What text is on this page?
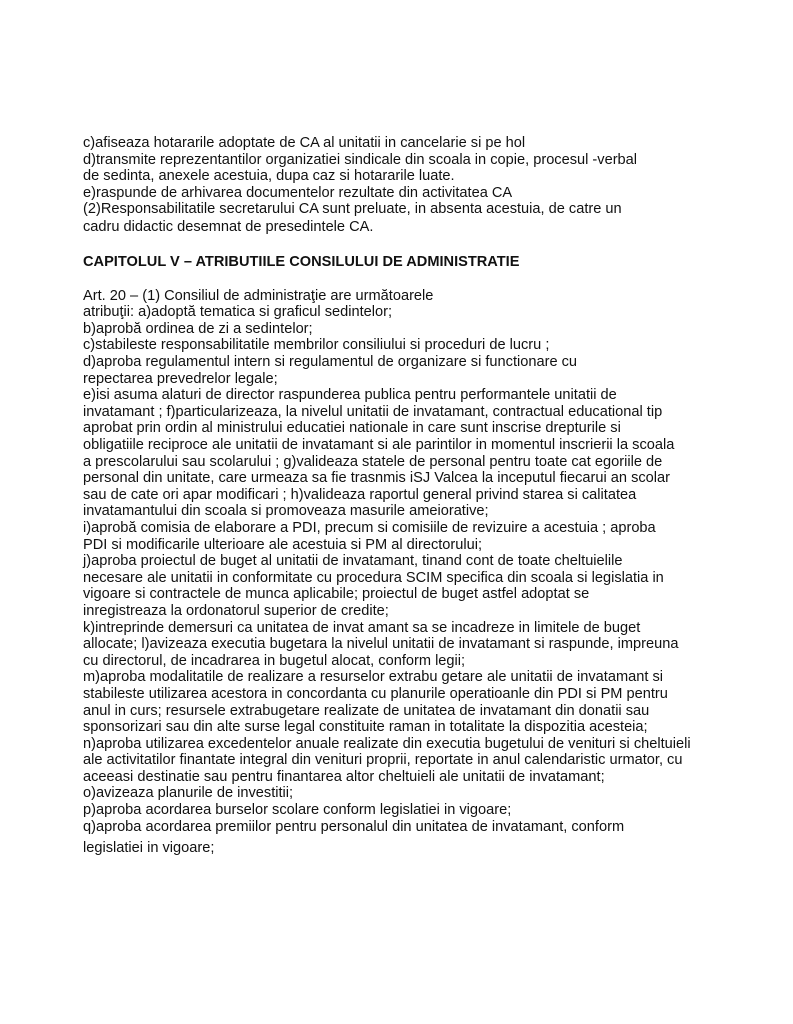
c)afiseaza hotararile adoptate de CA al unitatii in cancelarie si pe hol
d)transmite reprezentantilor organizatiei sindicale din scoala in copie, procesul -verbal
de sedinta, anexele acestuia, dupa caz si hotararile luate.
e)raspunde de arhivarea documentelor rezultate din activitatea CA
(2)Responsabilitatile secretarului CA sunt preluate, in absenta acestuia, de catre un
cadru didactic desemnat de presedintele CA.
CAPITOLUL V – ATRIBUTIILE CONSILULUI DE ADMINISTRATIE
Art. 20 – (1) Consiliul de administraţie are următoarele
atribuţii: a)adoptă tematica si graficul sedintelor;
b)aprobă ordinea de zi a sedintelor;
c)stabileste responsabilitatile membrilor consiliului si proceduri de lucru ;
d)aproba regulamentul intern si regulamentul de organizare si functionare cu
repectarea prevedrelor legale;
e)isi asuma alaturi de director raspunderea publica pentru performantele unitatii de
invatamant ; f)particularizeaza, la nivelul unitatii de invatamant, contractual educational tip
aprobat prin ordin al ministrului educatiei nationale in care sunt inscrise drepturile si
obligatiile reciproce ale unitatii de invatamant si ale parintilor in momentul inscrierii la scoala
a prescolarului sau scolarului ; g)valideaza statele de personal pentru toate cat egoriile de
personal din unitate, care urmeaza sa fie trasnmis iSJ Valcea la inceputul fiecarui an scolar
sau de cate ori apar modificari ; h)valideaza raportul general privind starea si calitatea
invatamantului din scoala si promoveaza masurile ameiorative;
i)aprobă comisia de elaborare a PDI, precum si comisiile de revizuire a acestuia ; aproba
PDI si modificarile ulterioare ale acestuia si PM al directorului;
j)aproba proiectul de buget al unitatii de invatamant, tinand cont de toate cheltuielile
necesare ale unitatii in conformitate cu procedura SCIM specifica din scoala si legislatia in
vigoare si contractele de munca aplicabile; proiectul de buget astfel adoptat se
inregistreaza la ordonatorul superior de credite;
k)intreprinde demersuri ca unitatea de invat amant sa se incadreze in limitele de buget
allocate; l)avizeaza executia bugetara la nivelul unitatii de invatamant si raspunde, impreuna
cu directorul, de incadrarea in bugetul alocat, conform legii;
m)aproba modalitatile de realizare a resurselor extrabu getare ale unitatii de invatamant si
stabileste utilizarea acestora in concordanta cu planurile operatioanle din PDI si PM pentru
anul in curs; resursele extrabugetare realizate de unitatea de invatamant din donatii sau
sponsorizari sau din alte surse legal constituite raman in totalitate la dispozitia acesteia;
n)aproba utilizarea excedentelor anuale realizate din executia bugetului de venituri si cheltuieli
ale activitatilor finantate integral din venituri proprii, reportate in anul calendaristic urmator, cu
aceeasi destinatie sau pentru finantarea altor cheltuieli ale unitatii de invatamant;
o)avizeaza planurile de investitii;
p)aproba acordarea burselor scolare conform legislatiei in vigoare;
q)aproba acordarea premiilor pentru personalul din unitatea de invatamant, conform
legislatiei in vigoare;
